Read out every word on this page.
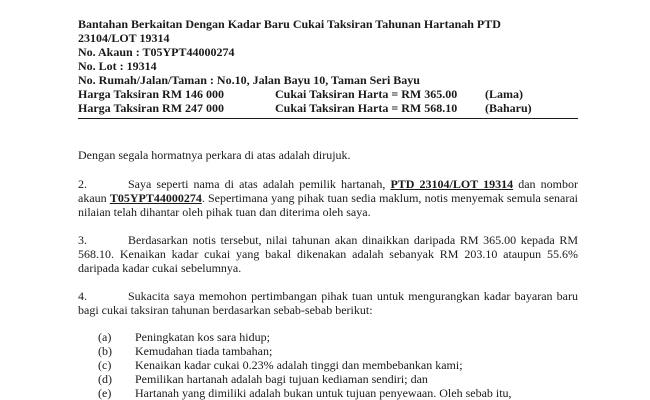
Bantahan Berkaitan Dengan Kadar Baru Cukai Taksiran Tahunan Hartanah PTD
23104/LOT 19314
No. Akaun : T05YPT44000274
No. Lot : 19314
No. Rumah/Jalan/Taman : No.10, Jalan Bayu 10, Taman Seri Bayu
Harga Taksiran RM 146 000	Cukai Taksiran Harta = RM 365.00 (Lama)
Harga Taksiran RM 247 000	Cukai Taksiran Harta = RM 568.10 (Baharu)
Dengan segala hormatnya perkara di atas adalah dirujuk.
2.	Saya seperti nama di atas adalah pemilik hartanah, PTD 23104/LOT 19314 dan nombor akaun T05YPT44000274. Sepertimana yang pihak tuan sedia maklum, notis menyemak semula senarai nilaian telah dihantar oleh pihak tuan dan diterima oleh saya.
3.	Berdasarkan notis tersebut, nilai tahunan akan dinaikkan daripada RM 365.00 kepada RM 568.10. Kenaikan kadar cukai yang bakal dikenakan adalah sebanyak RM 203.10 ataupun 55.6% daripada kadar cukai sebelumnya.
4.	Sukacita saya memohon pertimbangan pihak tuan untuk mengurangkan kadar bayaran baru bagi cukai taksiran tahunan berdasarkan sebab-sebab berikut:
(a) Peningkatan kos sara hidup;
(b) Kemudahan tiada tambahan;
(c) Kenaikan kadar cukai 0.23% adalah tinggi dan membebankan kami;
(d) Pemilikan hartanah adalah bagi tujuan kediaman sendiri; dan
(e) Hartanah yang dimiliki adalah bukan untuk tujuan penyewaan. Oleh sebab itu,
